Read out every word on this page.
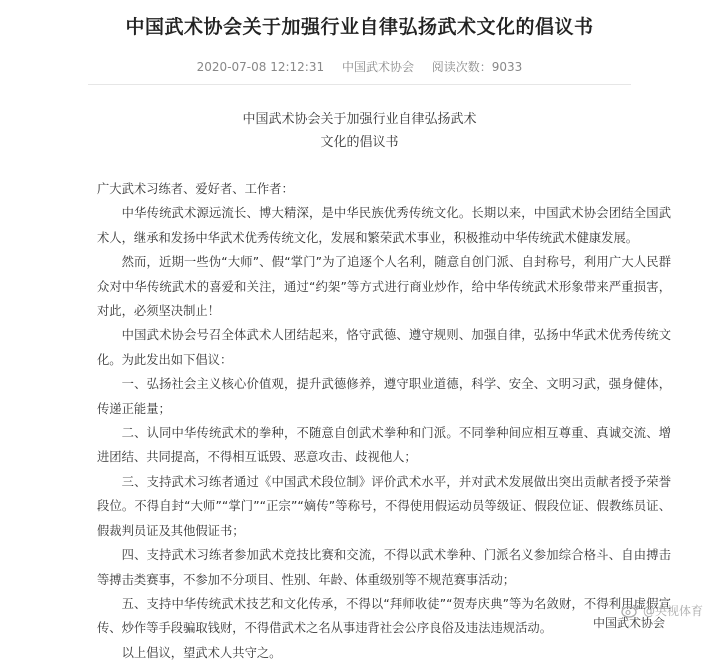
中国武术协会关于加强行业自律弘扬武术文化的倡议书
2020-07-08 12:12:31 中国武术协会 阅读次数：9033
中国武术协会关于加强行业自律弘扬武术
文化的倡议书

广大武术习练者、爱好者、工作者：

中华传统武术源远流长、博大精深，是中华民族优秀传统文化。长期以来，中国武术协会团结全国武术人，继承和发扬中华武术优秀传统文化，发展和繁荣武术事业，积极推动中华传统武术健康发展。

然而，近期一些伪“大师”、假“掌门”为了追逐个人名利，随意自创门派、自封称号，利用广大人民群众对中华传统武术的喜爱和关注，通过“约架”等方式进行商业炒作，给中华传统武术形象带来严重损害，对此，必须坚决制止！

中国武术协会号召全体武术人团结起来，恪守武德、遵守规则、加强自律，弘扬中华武术优秀传统文化。为此发出如下倡议：

一、弘扬社会主义核心价值观，提升武德修养，遵守职业道德，科学、安全、文明习武，强身健体，传递正能量；

二、认同中华传统武术的拳种，不随意自创武术拳种和门派。不同拳种间应相互尊重、真诚交流、增进团结、共同提高，不得相互诋毁、恶意攻击、歧视他人；

三、支持武术习练者通过《中国武术段位制》评价武术水平，并对武术发展做出突出贡献者授予荣誉段位。不得自封“大师”“掌门”“正宗”“嫡传”等称号，不得使用假运动员等级证、假段位证、假教练员证、假裁判员证及其他假证书；

四、支持武术习练者参加武术竞技比赛和交流，不得以武术拳种、门派名义参加综合格斗、自由搏击等搏击类赛事，不参加不分项目、性别、年龄、体重级别等不规范赛事活动；

五、支持中华传统武术技艺和文化传承，不得以“拜师收徒”“贺寿庆典”等为名敛财，不得利用虚假宣传、炒作等手段骗取钱财，不得借武术之名从事违背社会公序良俗及违法违规活动。

以上倡议，望武术人共守之。

中国武术协会
@央视体育
